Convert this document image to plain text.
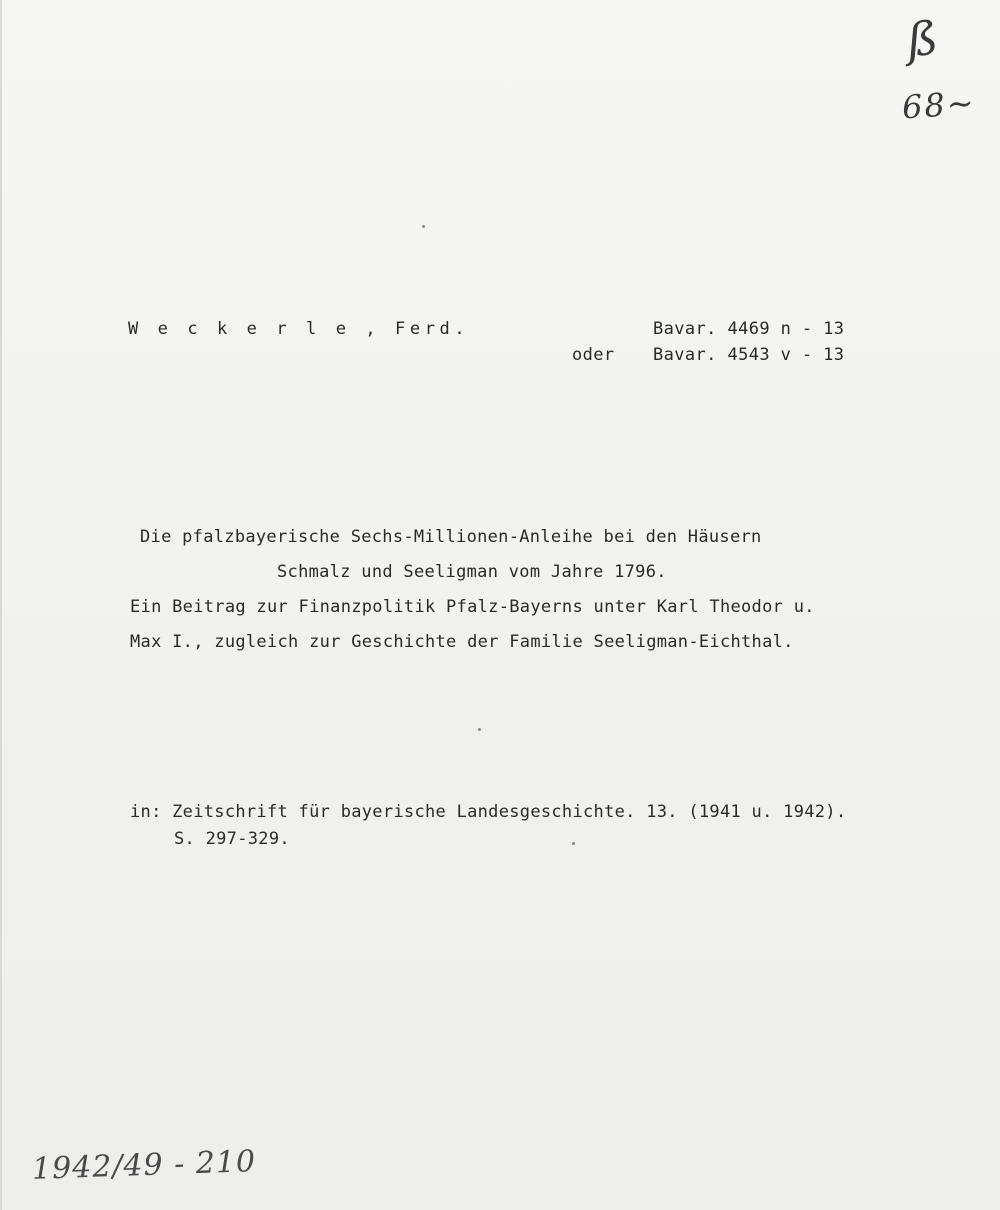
W e c k e r l e , Ferd.	Bavar. 4469 n - 13
oder Bavar. 4543 v - 13
Die pfalzbayerische Sechs-Millionen-Anleihe bei den Häusern
Schmalz und Seeligman vom Jahre 1796.
Ein Beitrag zur Finanzpolitik Pfalz-Bayerns unter Karl Theodor u.
Max I., zugleich zur Geschichte der Familie Seeligman-Eichthal.
in: Zeitschrift für bayerische Landesgeschichte. 13. (1941 u. 1942).
S. 297-329.
ß
68~
1942/49 - 210
